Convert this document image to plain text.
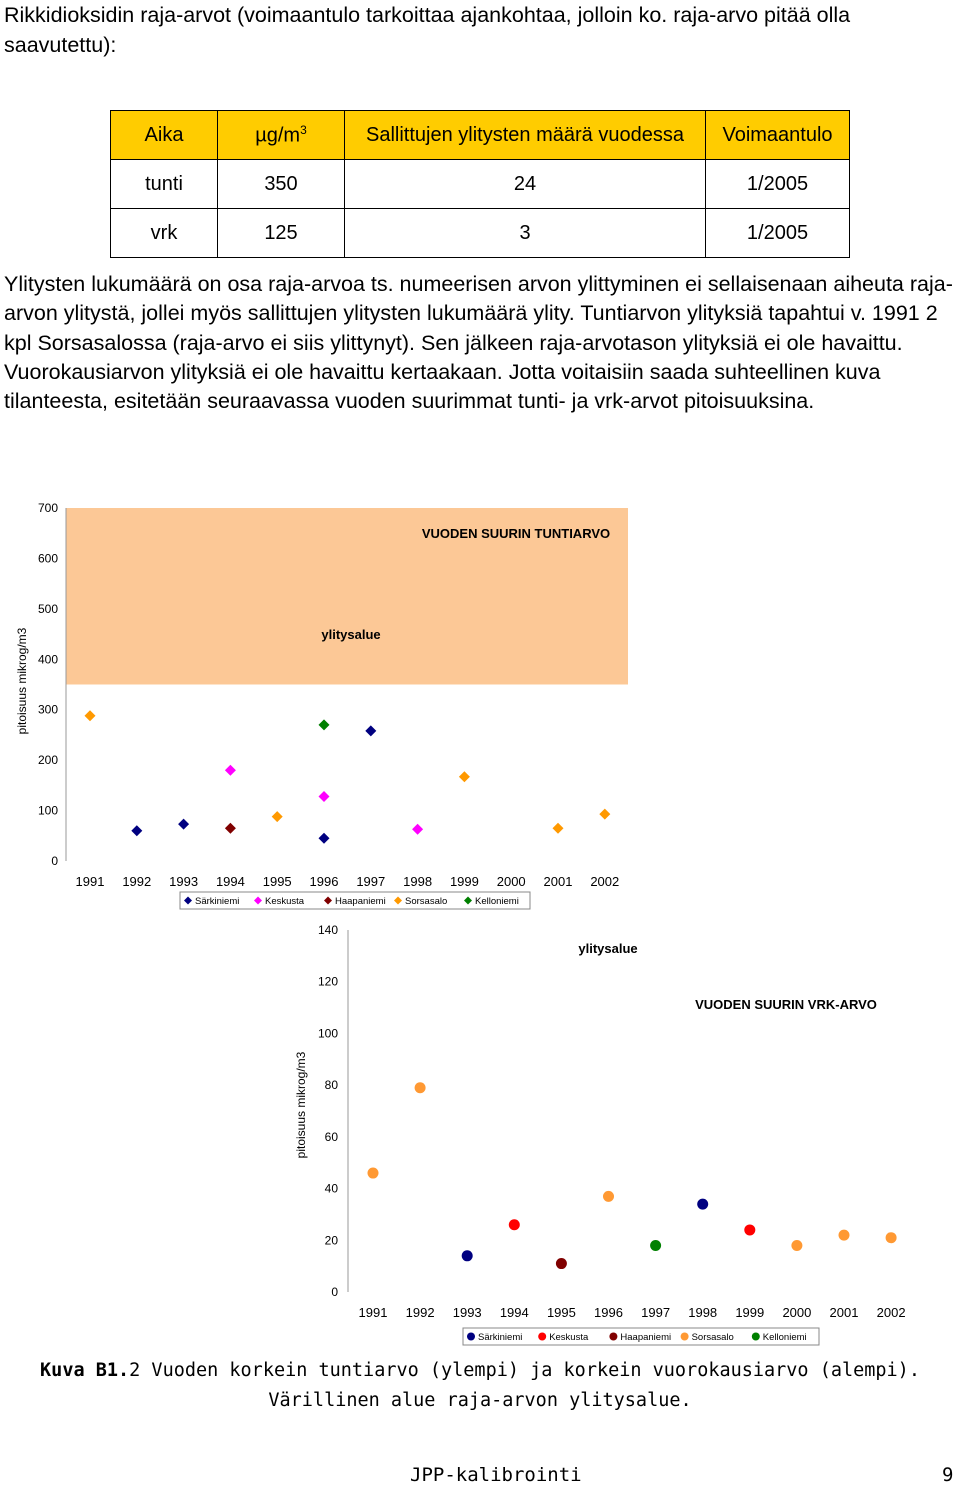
Rikkidioksidin raja-arvot (voimaantulo tarkoittaa ajankohtaa, jolloin ko. raja-arvo pitää olla saavutettu):
Aika	$\mu g/m^3$	Sallittujen ylitysten määrä vuodessa	Voimaantulo
tunti	350	24	1/2005
vrk	125	3	1/2005
Ylitysten lukumäärä on osa raja-arvoa ts. numeerisen arvon ylittyminen ei sellaisenaan aiheuta raja-arvon ylitystä, jollei myös sallittujen ylitysten lukumäärä ylity. Tuntiarvon ylityksiä tapahtui v. 1991 2 kpl Sorsasalossa (raja-arvo ei siis ylittynyt). Sen jälkeen raja-arvotason ylityksiä ei ole havaittu. Vuorokausiarvon ylityksiä ei ole havaittu kertaakaan. Jotta voitaisiin saada suhteellinen kuva tilanteesta, esitetään seuraavassa vuoden suurimmat tunti- ja vrk-arvot pitoisuuksina.
0
100
200
300
400
500
600
700
1991 1992 1993 1994 1995 1996 1997 1998 1999 2000 2001 2002
VUODEN SUURIN TUNTIARVO
ylitysalue
pitoisuus mikrog/m3
Särkiniemi	Keskusta	Haapaniemi Sorsasalo	Kelloniemi
0
20
40
60
80
100
120
140
1991 1992 1993 1994 1995 1996 1997 1998 1999 2000 2001 2002
VUODEN SUURIN VRK-ARVO
ylitysalue
pitoisuus mikrog/m3
Särkiniemi	Keskusta	Haapaniemi Sorsasalo	Kelloniemi
Kuva B1.2 Vuoden korkein tuntiarvo (ylempi) ja korkein vuorokausiarvo (alempi). Värillinen alue raja-arvon ylitysalue.
JPP-kalibrointi	9
